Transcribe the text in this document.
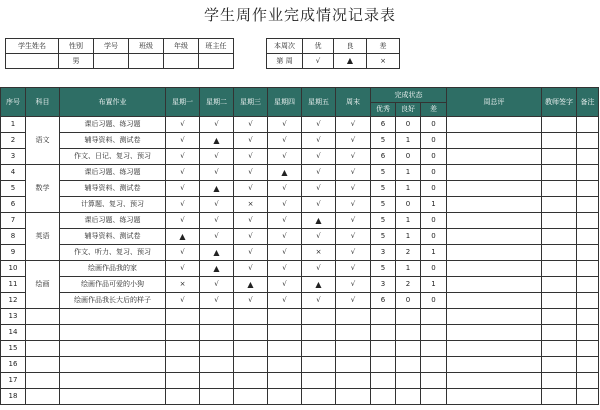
学生周作业完成情况记录表
学生姓名	性别	学号	班级	年级	班主任
	男				
本周次	优	良	差
第 周	√	▲	×
序号	科目	布置作业	星期一	星期二	星期三	星期四	星期五	周末	完成状态			周总评	教师签字	备注
									优秀	良好	差			
1	语文	课后习题、练习题	√	√	√	√	√	√	6	0	0			
2		辅导资料、测试卷	√	▲	√	√	√	√	5	1	0			
3		作文、日记、复习、预习	√	√	√	√	√	√	6	0	0			
4	数学	课后习题、练习题	√	√	√	▲	√	√	5	1	0			
5		辅导资料、测试卷	√	▲	√	√	√	√	5	1	0			
6		计算题、复习、预习	√	√	×	√	√	√	5	0	1			
7	英语	课后习题、练习题	√	√	√	√	▲	√	5	1	0			
8		辅导资料、测试卷	▲	√	√	√	√	√	5	1	0			
9		作文、听力、复习、预习	√	▲	√	√	×	√	3	2	1			
10	绘画	绘画作品我的家	√	▲	√	√	√	√	5	1	0			
11		绘画作品可爱的小狗	×	√	▲	√	▲	√	3	2	1			
12		绘画作品我长大后的样子	√	√	√	√	√	√	6	0	0			
13														
14														
15														
16														
17														
18														
